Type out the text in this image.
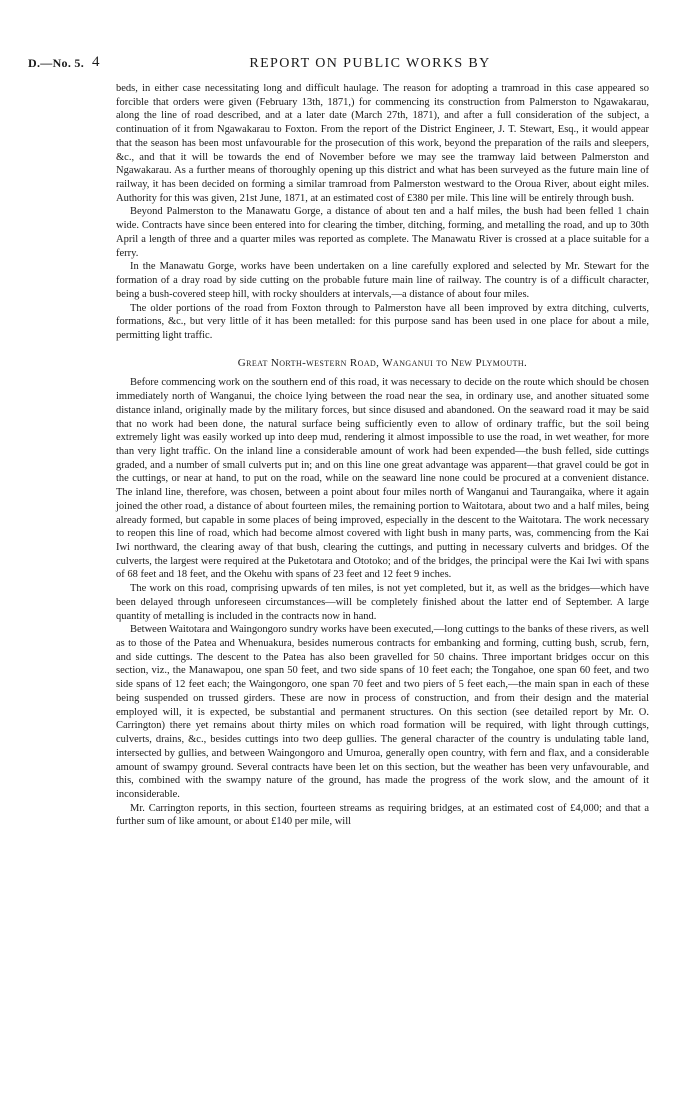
D.—No. 5. 4	REPORT ON PUBLIC WORKS BY

beds, in either case necessitating long and difficult haulage. The reason for adopting a tramroad in this case appeared so forcible that orders were given (February 13th, 1871,) for commencing its construction from Palmerston to Ngawakarau, along the line of road described, and at a later date (March 27th, 1871), and after a full consideration of the subject, a continuation of it from Ngawakarau to Foxton. From the report of the District Engineer, J. T. Stewart, Esq., it would appear that the season has been most unfavourable for the prosecution of this work, beyond the preparation of the rails and sleepers, &c., and that it will be towards the end of November before we may see the tramway laid between Palmerston and Ngawakarau. As a further means of thoroughly opening up this district and what has been surveyed as the future main line of railway, it has been decided on forming a similar tramroad from Palmerston westward to the Oroua River, about eight miles. Authority for this was given, 21st June, 1871, at an estimated cost of £380 per mile. This line will be entirely through bush.

Beyond Palmerston to the Manawatu Gorge, a distance of about ten and a half miles, the bush had been felled 1 chain wide. Contracts have since been entered into for clearing the timber, ditching, forming, and metalling the road, and up to 30th April a length of three and a quarter miles was reported as complete. The Manawatu River is crossed at a place suitable for a ferry.

In the Manawatu Gorge, works have been undertaken on a line carefully explored and selected by Mr. Stewart for the formation of a dray road by side cutting on the probable future main line of railway. The country is of a difficult character, being a bush-covered steep hill, with rocky shoulders at intervals,—a distance of about four miles.

The older portions of the road from Foxton through to Palmerston have all been improved by extra ditching, culverts, formations, &c., but very little of it has been metalled: for this purpose sand has been used in one place for about a mile, permitting light traffic.

Great North-western Road, Wanganui to New Plymouth.

Before commencing work on the southern end of this road, it was necessary to decide on the route which should be chosen immediately north of Wanganui, the choice lying between the road near the sea, in ordinary use, and another situated some distance inland, originally made by the military forces, but since disused and abandoned. On the seaward road it may be said that no work had been done, the natural surface being sufficiently even to allow of ordinary traffic, but the soil being extremely light was easily worked up into deep mud, rendering it almost impossible to use the road, in wet weather, for more than very light traffic. On the inland line a considerable amount of work had been expended—the bush felled, side cuttings graded, and a number of small culverts put in; and on this line one great advantage was apparent—that gravel could be got in the cuttings, or near at hand, to put on the road, while on the seaward line none could be procured at a convenient distance. The inland line, therefore, was chosen, between a point about four miles north of Wanganui and Taurangaika, where it again joined the other road, a distance of about fourteen miles, the remaining portion to Waitotara, about two and a half miles, being already formed, but capable in some places of being improved, especially in the descent to the Waitotara. The work necessary to reopen this line of road, which had become almost covered with light bush in many parts, was, commencing from the Kai Iwi northward, the clearing away of that bush, clearing the cuttings, and putting in necessary culverts and bridges. Of the culverts, the largest were required at the Puketotara and Ototoko; and of the bridges, the principal were the Kai Iwi with spans of 68 feet and 18 feet, and the Okehu with spans of 23 feet and 12 feet 9 inches.

The work on this road, comprising upwards of ten miles, is not yet completed, but it, as well as the bridges—which have been delayed through unforeseen circumstances—will be completely finished about the latter end of September. A large quantity of metalling is included in the contracts now in hand.

Between Waitotara and Waingongoro sundry works have been executed,—long cuttings to the banks of these rivers, as well as to those of the Patea and Whenuakura, besides numerous contracts for embanking and forming, cutting bush, scrub, fern, and side cuttings. The descent to the Patea has also been gravelled for 50 chains. Three important bridges occur on this section, viz., the Manawapou, one span 50 feet, and two side spans of 10 feet each; the Tongahoe, one span 60 feet, and two side spans of 12 feet each; the Waingongoro, one span 70 feet and two piers of 5 feet each,—the main span in each of these being suspended on trussed girders. These are now in process of construction, and from their design and the material employed will, it is expected, be substantial and permanent structures. On this section (see detailed report by Mr. O. Carrington) there yet remains about thirty miles on which road formation will be required, with light through cuttings, culverts, drains, &c., besides cuttings into two deep gullies. The general character of the country is undulating table land, intersected by gullies, and between Waingongoro and Umuroa, generally open country, with fern and flax, and a considerable amount of swampy ground. Several contracts have been let on this section, but the weather has been very unfavourable, and this, combined with the swampy nature of the ground, has made the progress of the work slow, and the amount of it inconsiderable.

Mr. Carrington reports, in this section, fourteen streams as requiring bridges, at an estimated cost of £4,000; and that a further sum of like amount, or about £140 per mile, will
